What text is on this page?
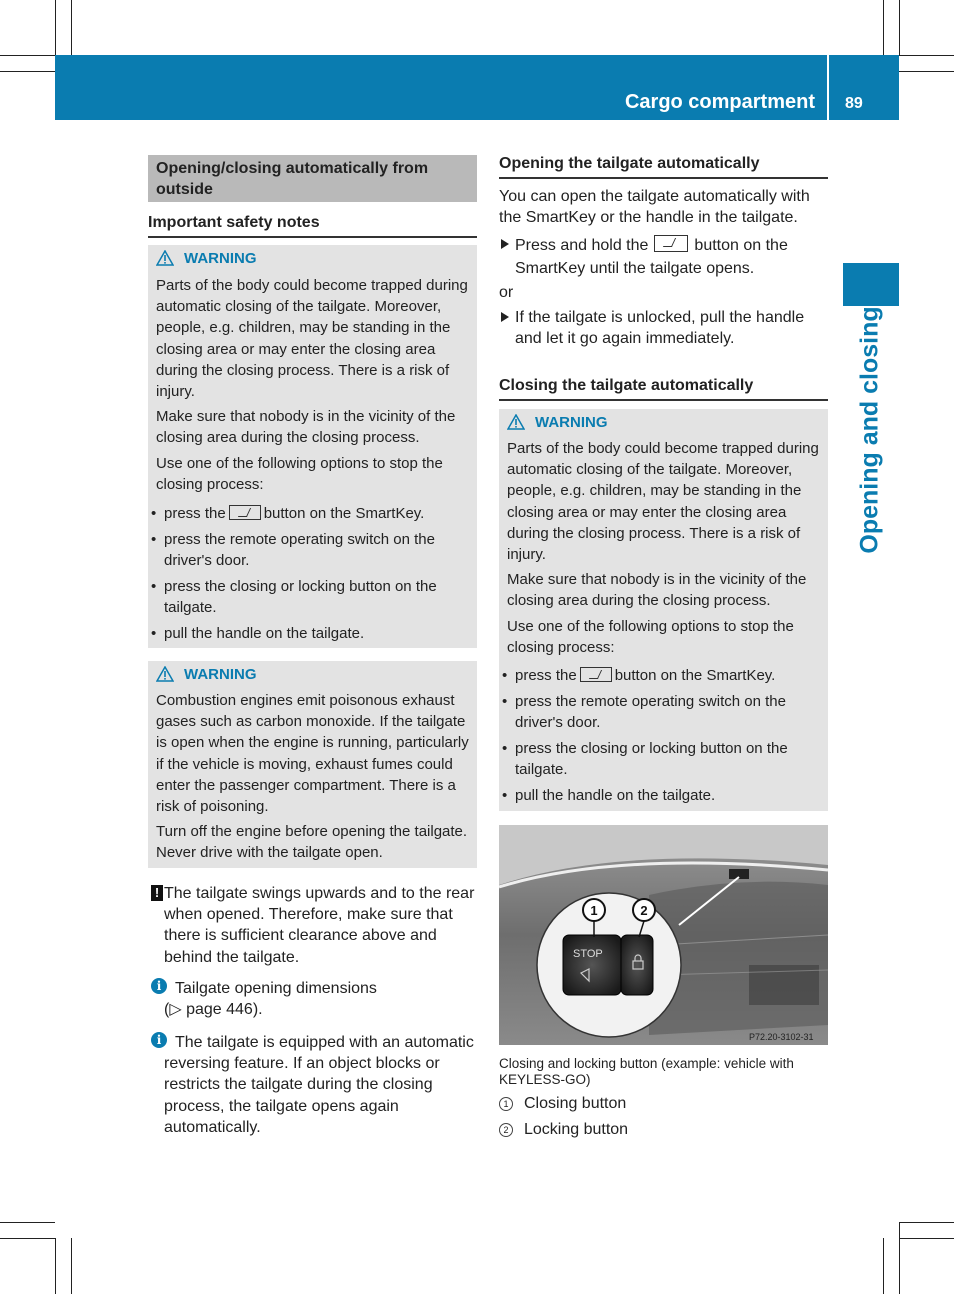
Cargo compartment 89
Opening and closing
Opening/closing automatically from outside
Important safety notes
WARNING
Parts of the body could become trapped during automatic closing of the tailgate. Moreover, people, e.g. children, may be standing in the closing area or may enter the closing area during the closing process. There is a risk of injury.
Make sure that nobody is in the vicinity of the closing area during the closing process.
Use one of the following options to stop the closing process:
• press the	button on the SmartKey.
• press the remote operating switch on the driver's door.
• press the closing or locking button on the tailgate.
• pull the handle on the tailgate.
WARNING
Combustion engines emit poisonous exhaust gases such as carbon monoxide. If the tailgate is open when the engine is running, particularly if the vehicle is moving, exhaust fumes could enter the passenger compartment. There is a risk of poisoning.
Turn off the engine before opening the tailgate. Never drive with the tailgate open.
! The tailgate swings upwards and to the rear when opened. Therefore, make sure that there is sufficient clearance above and behind the tailgate.
i Tailgate opening dimensions
(▷ page 446).
i The tailgate is equipped with an automatic reversing feature. If an object blocks or restricts the tailgate during the closing process, the tailgate opens again automatically.
Opening the tailgate automatically
You can open the tailgate automatically with the SmartKey or the handle in the tailgate.
Press and hold the	button on the SmartKey until the tailgate opens.
or
If the tailgate is unlocked, pull the handle and let it go again immediately.
Closing the tailgate automatically
WARNING
Parts of the body could become trapped during automatic closing of the tailgate. Moreover, people, e.g. children, may be standing in the closing area or may enter the closing area during the closing process. There is a risk of injury.
Make sure that nobody is in the vicinity of the closing area during the closing process.
Use one of the following options to stop the closing process:
• press the	button on the SmartKey.
• press the remote operating switch on the driver's door.
• press the closing or locking button on the tailgate.
• pull the handle on the tailgate.
STOP
1	2
P72.20-3102-31
Closing and locking button (example: vehicle with KEYLESS-GO)
1 Closing button
2 Locking button
